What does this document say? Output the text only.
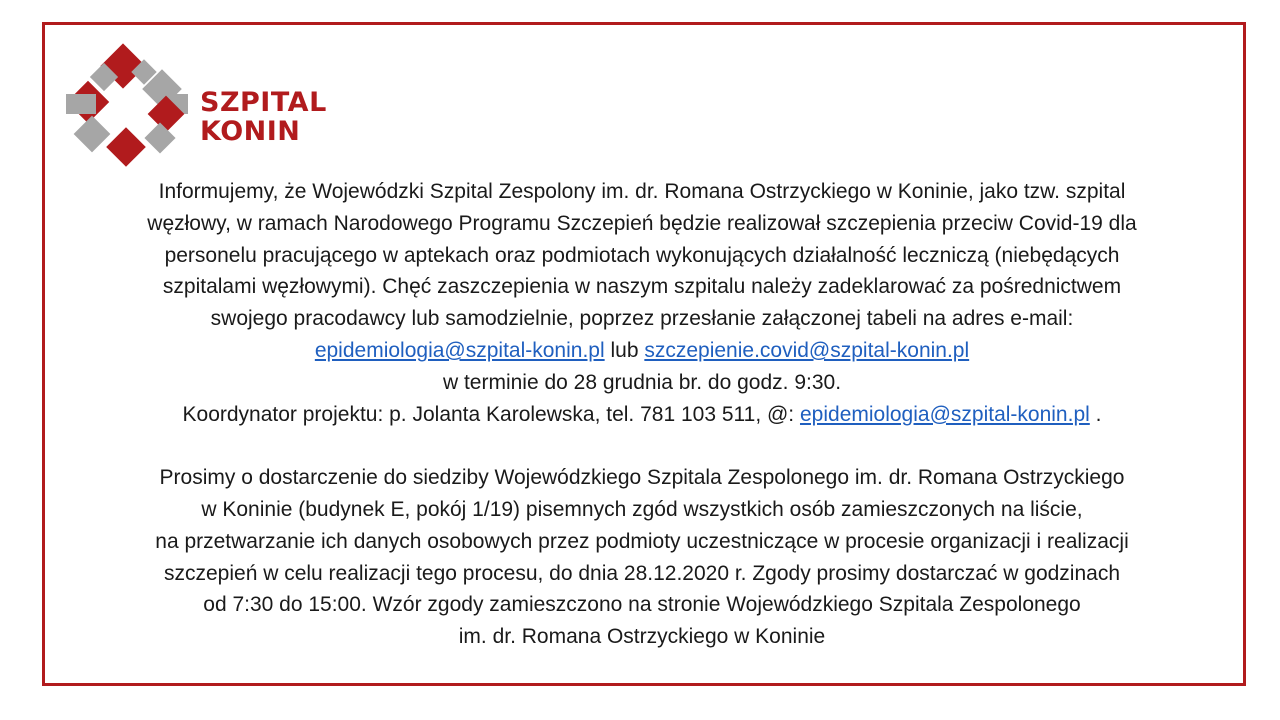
SZPITAL
KONIN

Informujemy, że Wojewódzki Szpital Zespolony im. dr. Romana Ostrzyckiego w Koninie, jako tzw. szpital

węzłowy, w ramach Narodowego Programu Szczepień będzie realizował szczepienia przeciw Covid-19 dla

personelu pracującego w aptekach oraz podmiotach wykonujących działalność leczniczą (niebędących

szpitalami węzłowymi). Chęć zaszczepienia w naszym szpitalu należy zadeklarować za pośrednictwem

swojego pracodawcy lub samodzielnie, poprzez przesłanie załączonej tabeli na adres e-mail:

epidemiologia@szpital-konin.pl lub szczepienie.covid@szpital-konin.pl

w terminie do 28 grudnia br. do godz. 9:30.

Koordynator projektu: p. Jolanta Karolewska, tel. 781 103 511, @: epidemiologia@szpital-konin.pl .

Prosimy o dostarczenie do siedziby Wojewódzkiego Szpitala Zespolonego im. dr. Romana Ostrzyckiego

w Koninie (budynek E, pokój 1/19) pisemnych zgód wszystkich osób zamieszczonych na liście,

na przetwarzanie ich danych osobowych przez podmioty uczestniczące w procesie organizacji i realizacji

szczepień w celu realizacji tego procesu, do dnia 28.12.2020 r. Zgody prosimy dostarczać w godzinach

od 7:30 do 15:00. Wzór zgody zamieszczono na stronie Wojewódzkiego Szpitala Zespolonego

im. dr. Romana Ostrzyckiego w Koninie
